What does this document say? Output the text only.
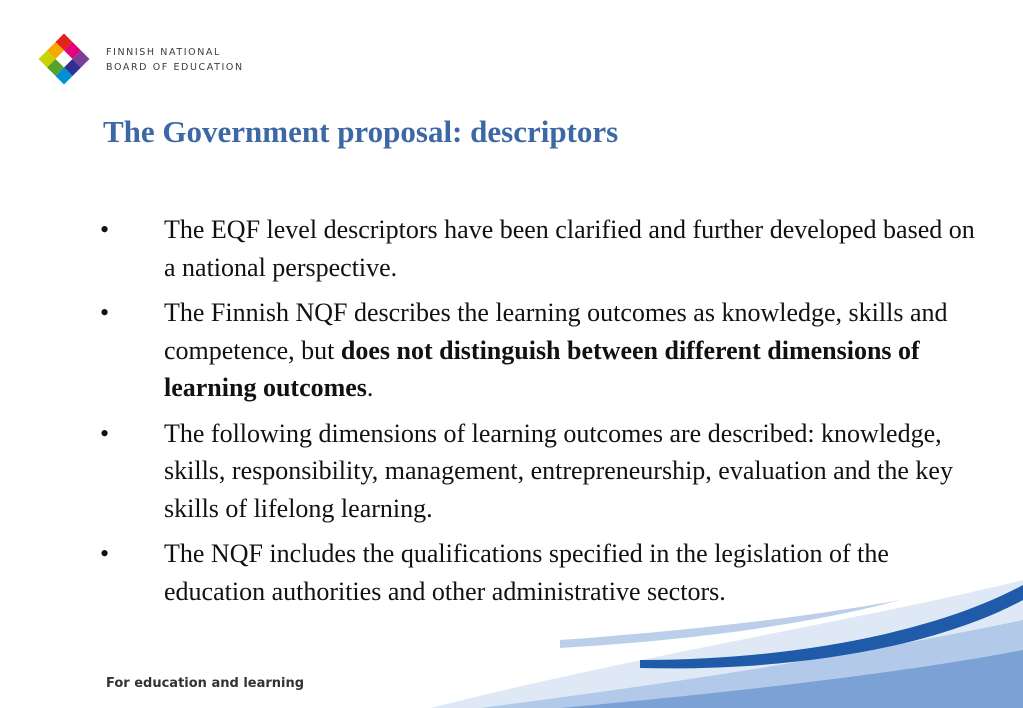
FINNISH NATIONAL
BOARD OF EDUCATION
The Government proposal: descriptors
•	The EQF level descriptors have been clarified and further developed based on a national perspective.
•	The Finnish NQF describes the learning outcomes as knowledge, skills and competence, but does not distinguish between different dimensions of learning outcomes.
•	The following dimensions of learning outcomes are described: knowledge, skills, responsibility, management, entrepreneurship, evaluation and the key skills of lifelong learning.
•	The NQF includes the qualifications specified in the legislation of the education authorities and other administrative sectors.
For education and learning
